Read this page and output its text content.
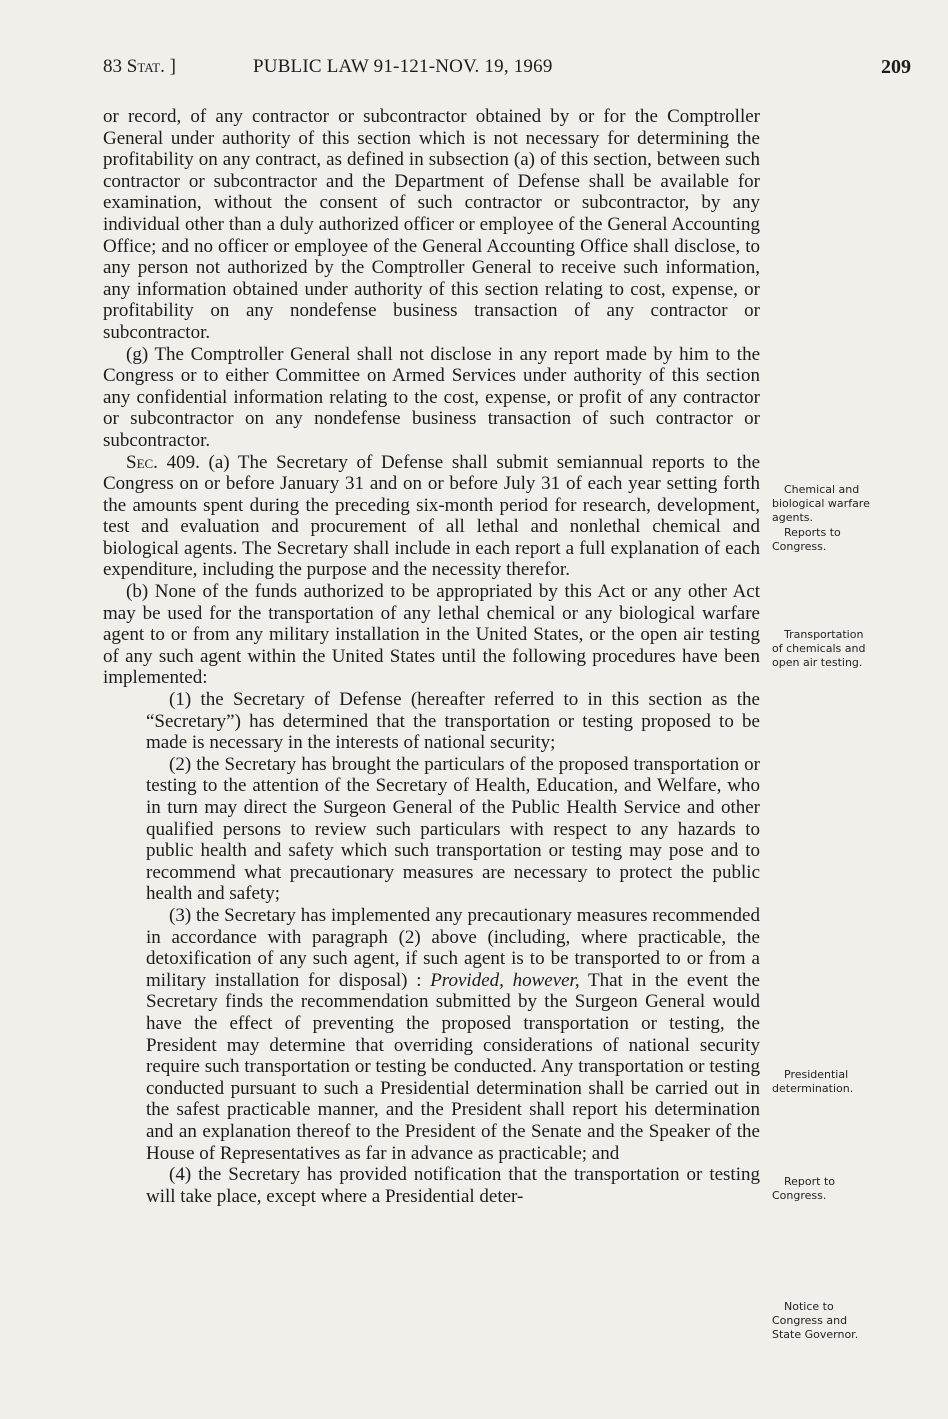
83 Stat. ]	PUBLIC LAW 91-121-NOV. 19, 1969	209

or record, of any contractor or subcontractor obtained by or for the Comptroller General under authority of this section which is not necessary for determining the profitability on any contract, as defined in subsection (a) of this section, between such contractor or subcontractor and the Department of Defense shall be available for examination, without the consent of such contractor or subcontractor, by any individual other than a duly authorized officer or employee of the General Accounting Office; and no officer or employee of the General Accounting Office shall disclose, to any person not authorized by the Comptroller General to receive such information, any information obtained under authority of this section relating to cost, expense, or profitability on any nondefense business transaction of any contractor or subcontractor.

(g) The Comptroller General shall not disclose in any report made by him to the Congress or to either Committee on Armed Services under authority of this section any confidential information relating to the cost, expense, or profit of any contractor or subcontractor on any nondefense business transaction of such contractor or subcontractor.

Sec. 409. (a) The Secretary of Defense shall submit semiannual reports to the Congress on or before January 31 and on or before July 31 of each year setting forth the amounts spent during the preceding six-month period for research, development, test and evaluation and procurement of all lethal and nonlethal chemical and biological agents. The Secretary shall include in each report a full explanation of each expenditure, including the purpose and the necessity therefor.

(b) None of the funds authorized to be appropriated by this Act or any other Act may be used for the transportation of any lethal chemical or any biological warfare agent to or from any military installation in the United States, or the open air testing of any such agent within the United States until the following procedures have been implemented:

(1) the Secretary of Defense (hereafter referred to in this section as the “Secretary”) has determined that the transportation or testing proposed to be made is necessary in the interests of national security;

(2) the Secretary has brought the particulars of the proposed transportation or testing to the attention of the Secretary of Health, Education, and Welfare, who in turn may direct the Surgeon General of the Public Health Service and other qualified persons to review such particulars with respect to any hazards to public health and safety which such transportation or testing may pose and to recommend what precautionary measures are necessary to protect the public health and safety;

(3) the Secretary has implemented any precautionary measures recommended in accordance with paragraph (2) above (including, where practicable, the detoxification of any such agent, if such agent is to be transported to or from a military installation for disposal) : Provided, however, That in the event the Secretary finds the recommendation submitted by the Surgeon General would have the effect of preventing the proposed transportation or testing, the President may determine that overriding considerations of national security require such transportation or testing be conducted. Any transportation or testing conducted pursuant to such a Presidential determination shall be carried out in the safest practicable manner, and the President shall report his determination and an explanation thereof to the President of the Senate and the Speaker of the House of Representatives as far in advance as practicable; and

(4) the Secretary has provided notification that the transportation or testing will take place, except where a Presidential deter-

Chemical and
biological warfare
agents.
Reports to
Congress.
Transportation
of chemicals and
open air testing.
Presidential
determination.
Report to
Congress.
Notice to
Congress and
State Governor.
